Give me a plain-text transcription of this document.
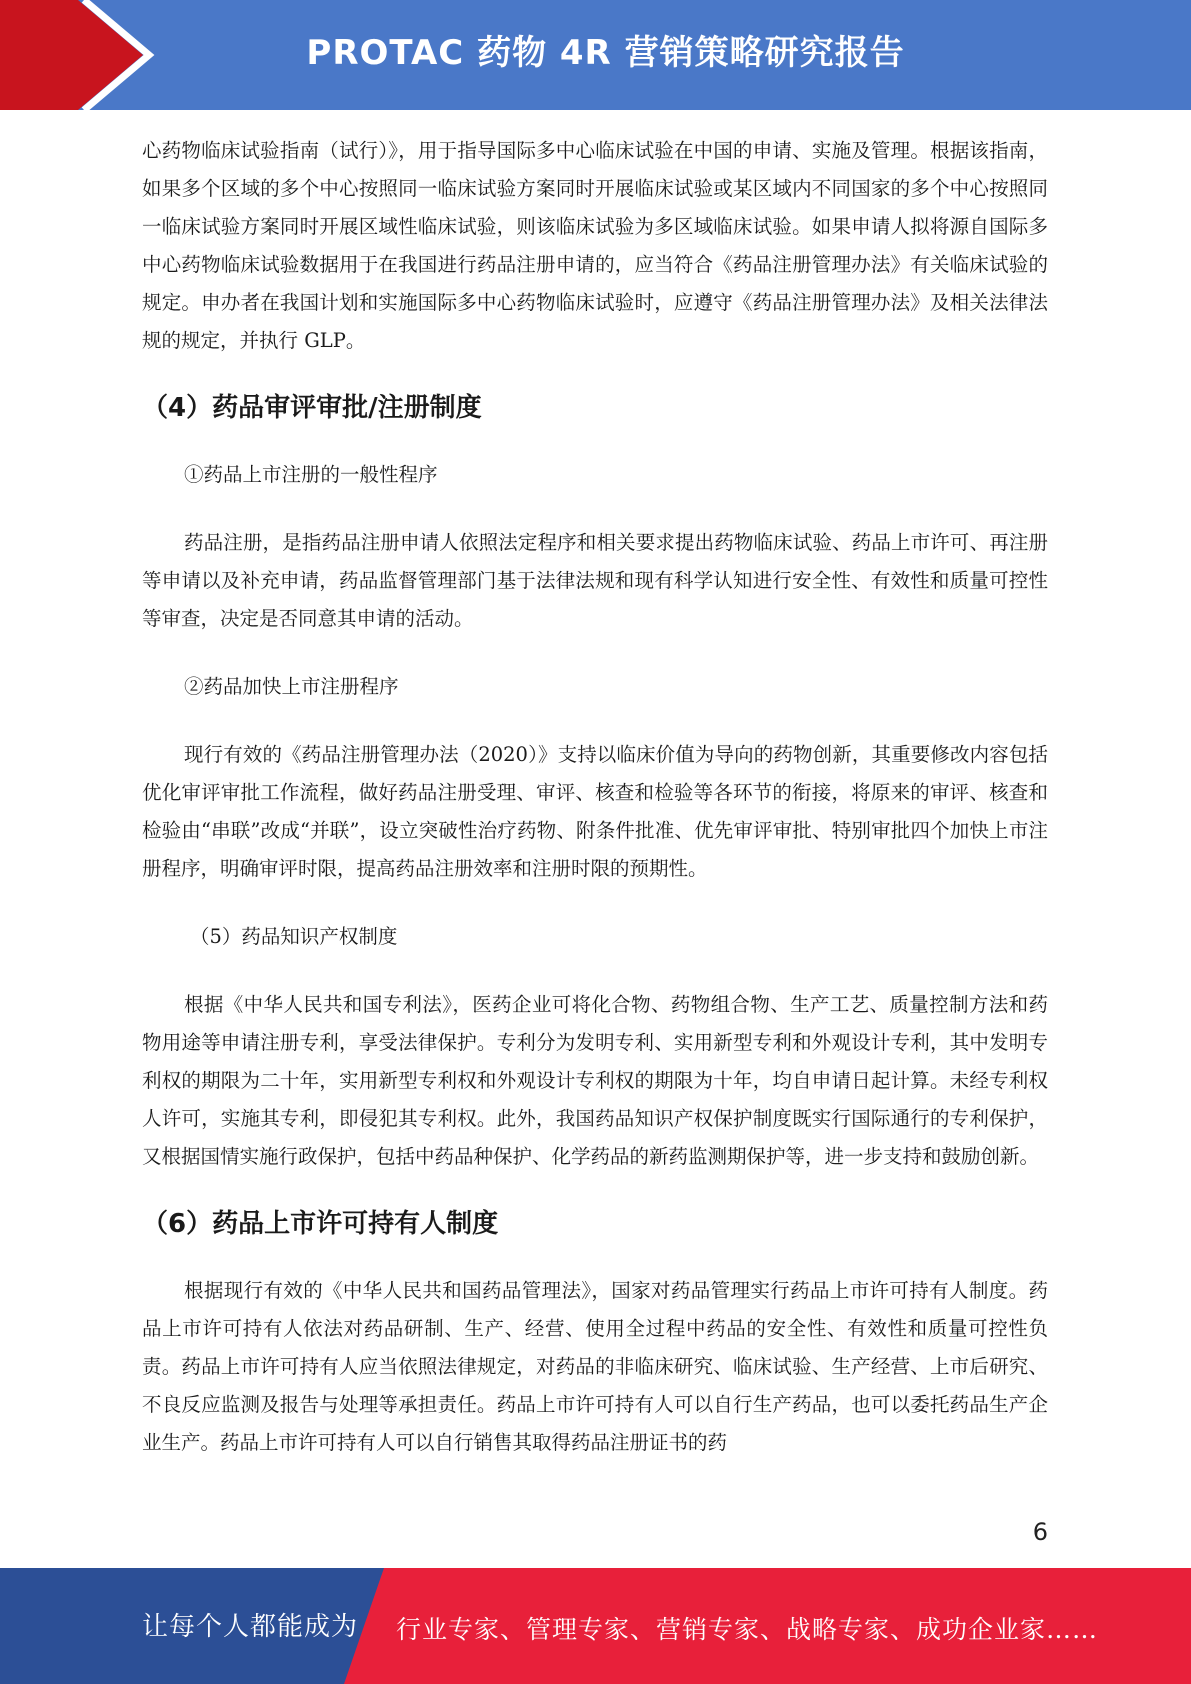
PROTAC 药物 4R 营销策略研究报告

心药物临床试验指南（试行）》，用于指导国际多中心临床试验在中国的申请、实施及管理。根据该指南，如果多个区域的多个中心按照同一临床试验方案同时开展临床试验或某区域内不同国家的多个中心按照同一临床试验方案同时开展区域性临床试验，则该临床试验为多区域临床试验。如果申请人拟将源自国际多中心药物临床试验数据用于在我国进行药品注册申请的，应当符合《药品注册管理办法》有关临床试验的规定。申办者在我国计划和实施国际多中心药物临床试验时，应遵守《药品注册管理办法》及相关法律法规的规定，并执行 GLP。

（4）药品审评审批/注册制度

①药品上市注册的一般性程序

药品注册，是指药品注册申请人依照法定程序和相关要求提出药物临床试验、药品上市许可、再注册等申请以及补充申请，药品监督管理部门基于法律法规和现有科学认知进行安全性、有效性和质量可控性等审查，决定是否同意其申请的活动。

②药品加快上市注册程序

现行有效的《药品注册管理办法（2020）》支持以临床价值为导向的药物创新，其重要修改内容包括优化审评审批工作流程，做好药品注册受理、审评、核查和检验等各环节的衔接，将原来的审评、核查和检验由“串联”改成“并联”，设立突破性治疗药物、附条件批准、优先审评审批、特别审批四个加快上市注册程序，明确审评时限，提高药品注册效率和注册时限的预期性。

（5）药品知识产权制度

根据《中华人民共和国专利法》，医药企业可将化合物、药物组合物、生产工艺、质量控制方法和药物用途等申请注册专利，享受法律保护。专利分为发明专利、实用新型专利和外观设计专利，其中发明专利权的期限为二十年，实用新型专利权和外观设计专利权的期限为十年，均自申请日起计算。未经专利权人许可，实施其专利，即侵犯其专利权。此外，我国药品知识产权保护制度既实行国际通行的专利保护，又根据国情实施行政保护，包括中药品种保护、化学药品的新药监测期保护等，进一步支持和鼓励创新。

（6）药品上市许可持有人制度

根据现行有效的《中华人民共和国药品管理法》，国家对药品管理实行药品上市许可持有人制度。药品上市许可持有人依法对药品研制、生产、经营、使用全过程中药品的安全性、有效性和质量可控性负责。药品上市许可持有人应当依照法律规定，对药品的非临床研究、临床试验、生产经营、上市后研究、不良反应监测及报告与处理等承担责任。药品上市许可持有人可以自行生产药品，也可以委托药品生产企业生产。药品上市许可持有人可以自行销售其取得药品注册证书的药

6
让每个人都能成为 行业专家、管理专家、营销专家、战略专家、成功企业家……
